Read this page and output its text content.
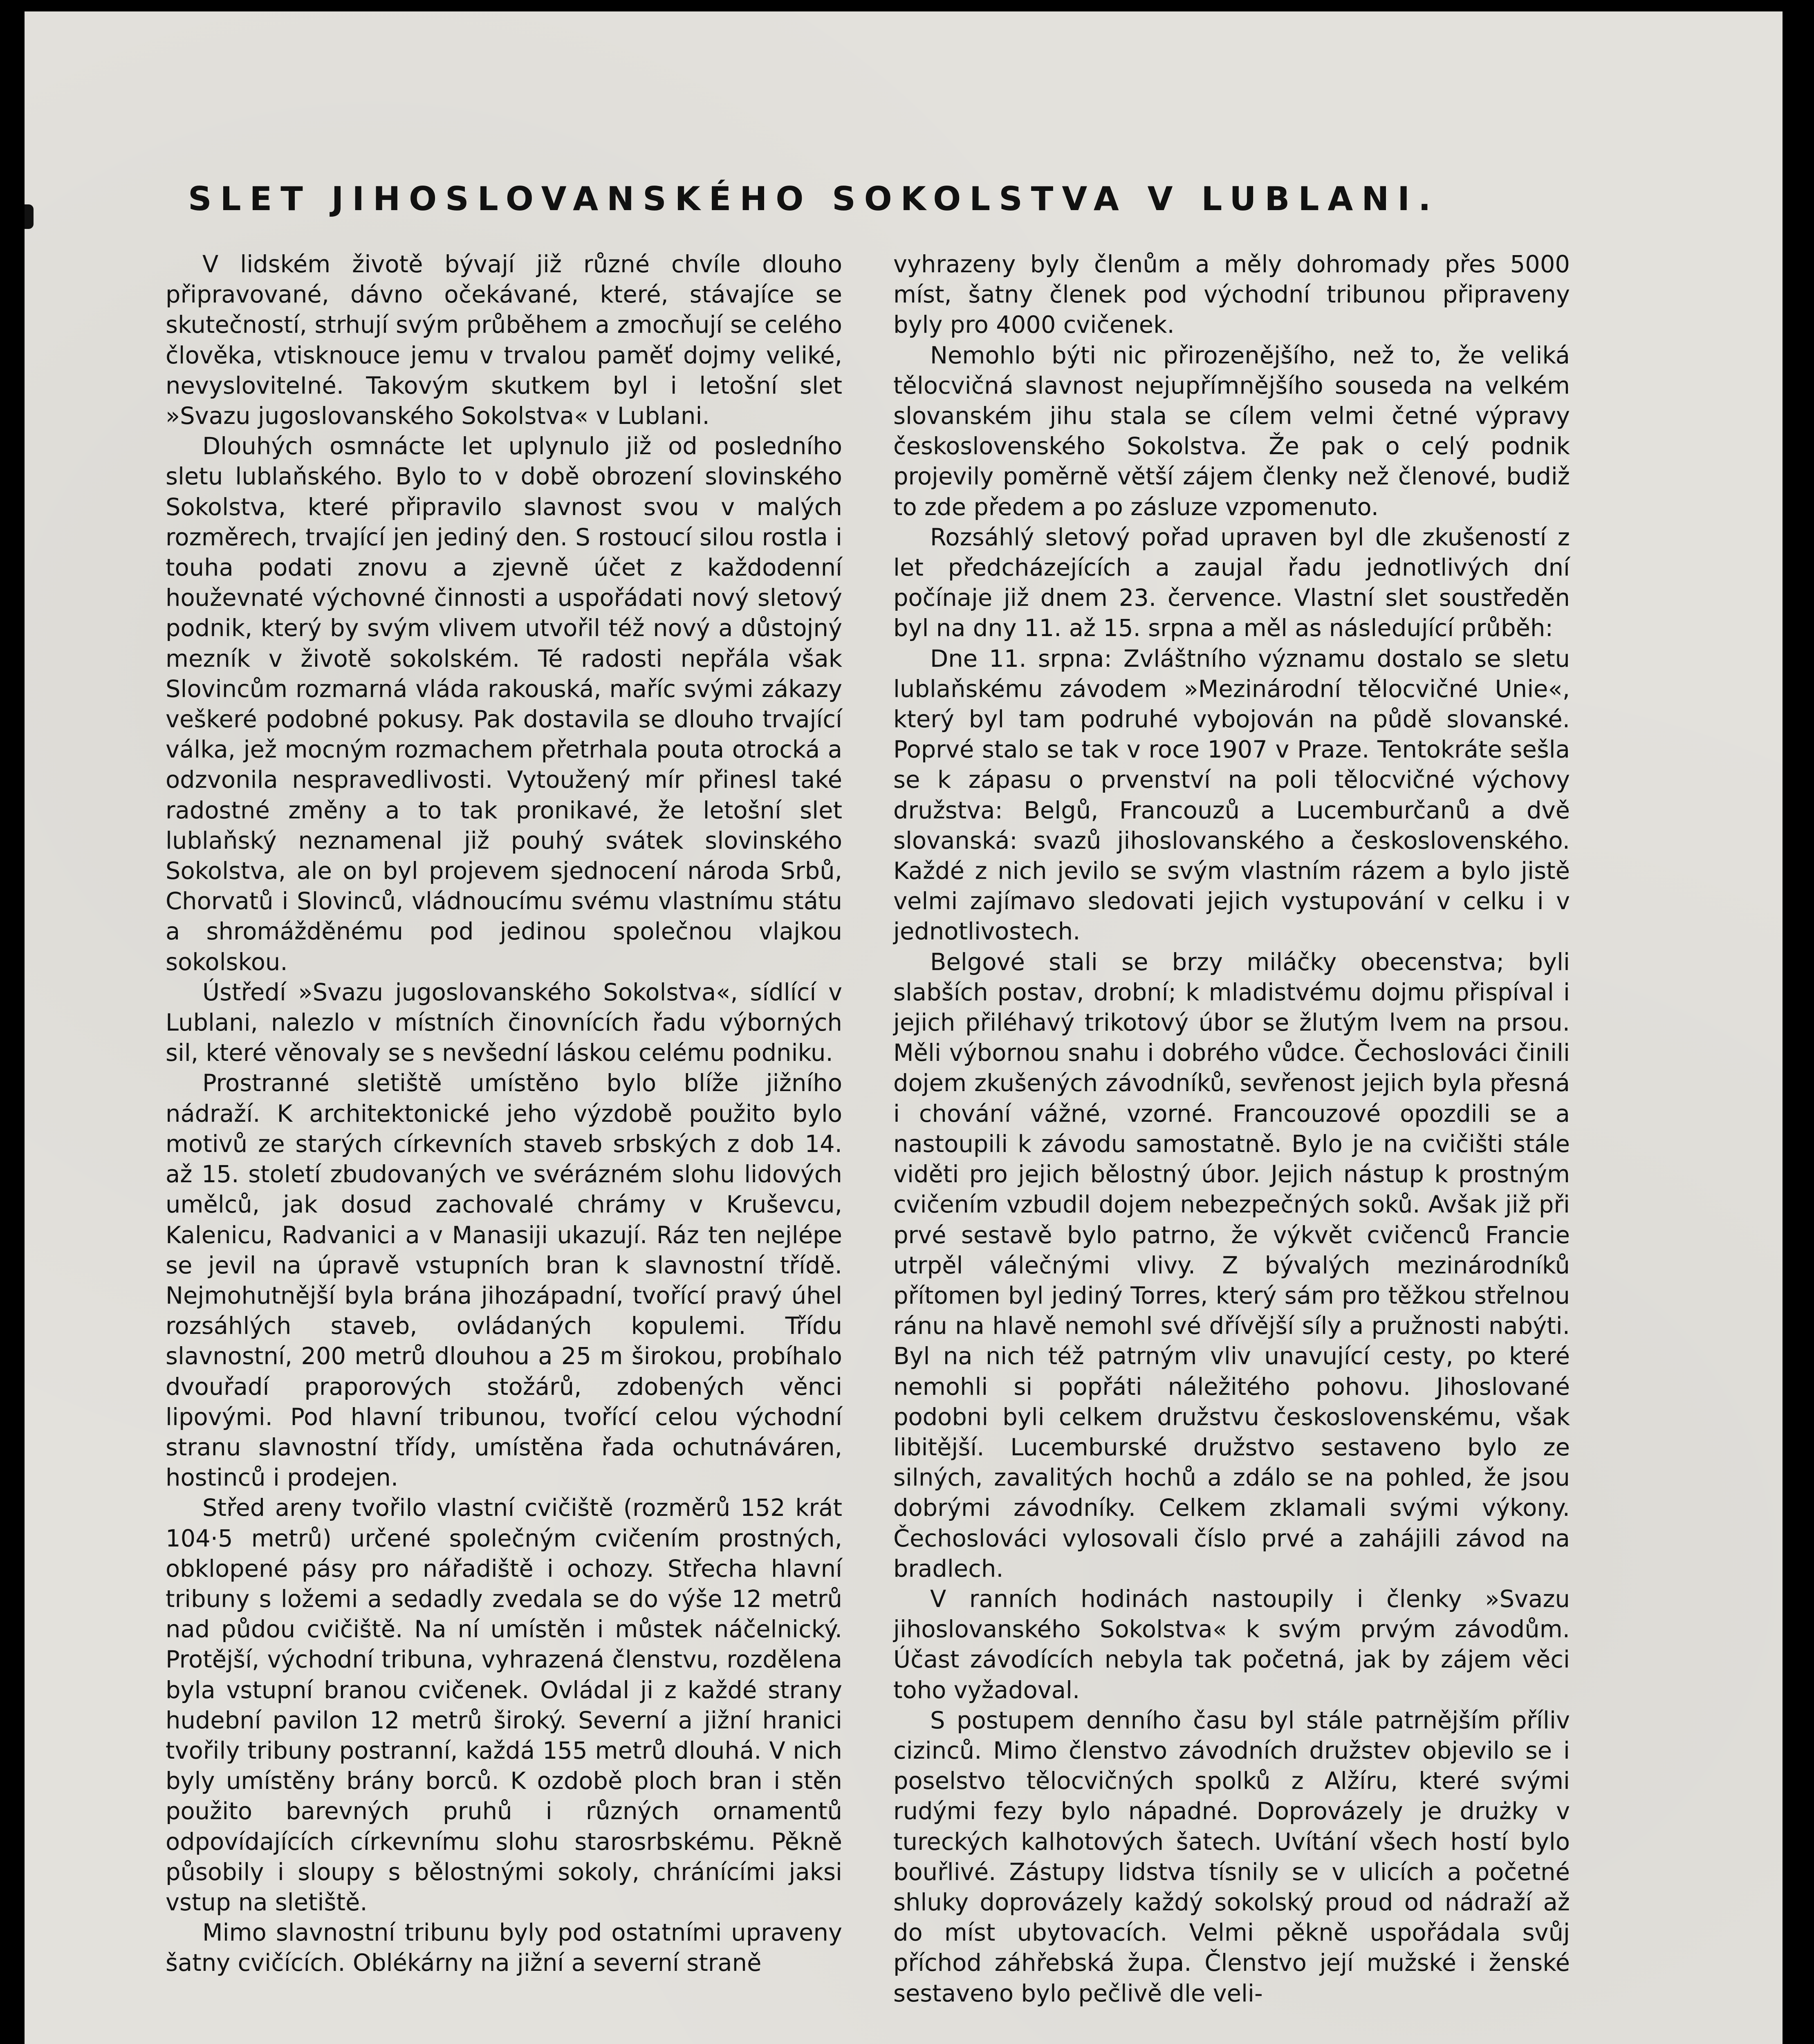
SLET JIHOSLOVANSKÉHO SOKOLSTVA V LUBLANI.

V lidském životě bývají již různé chvíle dlouho připravované, dávno očekávané, které, stávajíce se skutečností, strhují svým průběhem a zmocňují se celého člověka, vtisknouce jemu v trvalou paměť dojmy veliké, nevysloviteIné. Takovým skutkem byl i letošní slet »Svazu jugoslovanského Sokolstva« v Lublani.

Dlouhých osmnácte let uplynulo již od posledního sletu lublaňského. Bylo to v době obrození slovinského Sokolstva, které připravilo slavnost svou v malých rozměrech, trvající jen jediný den. S rostoucí silou rostla i touha podati znovu a zjevně účet z každodenní houževnaté výchovné činnosti a uspořádati nový sletový podnik, který by svým vlivem utvořil též nový a důstojný mezník v životě sokolském. Té radosti nepřála však Slovincům rozmarná vláda rakouská, maříc svými zákazy veškeré podobné pokusy. Pak dostavila se dlouho trvající válka, jež mocným rozmachem přetrhala pouta otrocká a odzvonila nespravedlivosti. Vytoužený mír přinesl také radostné změny a to tak pronikavé, že letošní slet lublaňský neznamenal již pouhý svátek slovinského Sokolstva, ale on byl projevem sjednocení národa Srbů, Chorvatů i Slovinců, vládnoucímu svému vlastnímu státu a shromážděnému pod jedinou společnou vlajkou sokolskou.

Ústředí »Svazu jugoslovanského Sokolstva«, sídlící v Lublani, nalezlo v místních činovnících řadu výborných sil, které věnovaly se s nevšední láskou celému podniku.

Prostranné sletiště umístěno bylo blíže jižního nádraží. K architektonické jeho výzdobě použito bylo motivů ze starých církevních staveb srbských z dob 14. až 15. století zbudovaných ve svérázném slohu lidových umělců, jak dosud zachovalé chrámy v Kruševcu, Kalenicu, Radvanici a v Manasiji ukazují. Ráz ten nejlépe se jevil na úpravě vstupních bran k slavnostní třídě. Nejmohutnější byla brána jihozápadní, tvořící pravý úhel rozsáhlých staveb, ovládaných kopulemi. Třídu slavnostní, 200 metrů dlouhou a 25 m širokou, probíhalo dvouřadí praporových stožárů, zdobených věnci lipovými. Pod hlavní tribunou, tvořící celou východní stranu slavnostní třídy, umístěna řada ochutnáváren, hostinců i prodejen.

Střed areny tvořilo vlastní cvičiště (rozměrů 152 krát 104·5 metrů) určené společným cvičením prostných, obklopené pásy pro nářadiště i ochozy. Střecha hlavní tribuny s ložemi a sedadly zvedala se do výše 12 metrů nad půdou cvičiště. Na ní umístěn i můstek náčelnický. Protější, východní tribuna, vyhrazená členstvu, rozdělena byla vstupní branou cvičenek. Ovládal ji z každé strany hudební pavilon 12 metrů široký. Severní a jižní hranici tvořily tribuny postranní, každá 155 metrů dlouhá. V nich byly umístěny brány borců. K ozdobě ploch bran i stěn použito barevných pruhů i různých ornamentů odpovídajících církevnímu slohu starosrbskému. Pěkně působily i sloupy s bělostnými sokoly, chránícími jaksi vstup na sletiště.

Mimo slavnostní tribunu byly pod ostatními upraveny šatny cvičících. Oblékárny na jižní a severní straně

vyhrazeny byly členům a měly dohromady přes 5000 míst, šatny členek pod východní tribunou připraveny byly pro 4000 cvičenek.

Nemohlo býti nic přirozenějšího, než to, že veliká tělocvičná slavnost nejupřímnějšího souseda na velkém slovanském jihu stala se cílem velmi četné výpravy československého Sokolstva. Že pak o celý podnik projevily poměrně větší zájem členky než členové, budiž to zde předem a po zásluze vzpomenuto.

Rozsáhlý sletový pořad upraven byl dle zkušeností z let předcházejících a zaujal řadu jednotlivých dní počínaje již dnem 23. července. Vlastní slet soustředěn byl na dny 11. až 15. srpna a měl as následující průběh:

Dne 11. srpna: Zvláštního významu dostalo se sletu lublaňskému závodem »Mezinárodní tělocvičné Unie«, který byl tam podruhé vybojován na půdě slovanské. Poprvé stalo se tak v roce 1907 v Praze. Tentokráte sešla se k zápasu o prvenství na poli tělocvičné výchovy družstva: Belgů, Francouzů a Lucemburčanů a dvě slovanská: svazů jihoslovanského a československého. Každé z nich jevilo se svým vlastním rázem a bylo jistě velmi zajímavo sledovati jejich vystupování v celku i v jednotlivostech.

Belgové stali se brzy miláčky obecenstva; byli slabších postav, drobní; k mladistvému dojmu přispíval i jejich přiléhavý trikotový úbor se žlutým lvem na prsou. Měli výbornou snahu i dobrého vůdce. Čechoslováci činili dojem zkušených závodníků, sevřenost jejich byla přesná i chování vážné, vzorné. Francouzové opozdili se a nastoupili k závodu samostatně. Bylo je na cvičišti stále viděti pro jejich bělostný úbor. Jejich nástup k prostným cvičením vzbudil dojem nebezpečných soků. Avšak již při prvé sestavě bylo patrno, že výkvět cvičenců Francie utrpěl válečnými vlivy. Z bývalých mezinárodníků přítomen byl jediný Torres, který sám pro těžkou střelnou ránu na hlavě nemohl své dřívější síly a pružnosti nabýti. Byl na nich též patrným vliv unavující cesty, po které nemohli si popřáti náležitého pohovu. Jihoslované podobni byli celkem družstvu československému, však libitější. Lucemburské družstvo sestaveno bylo ze silných, zavalitých hochů a zdálo se na pohled, že jsou dobrými závodníky. Celkem zklamali svými výkony. Čechoslováci vylosovali číslo prvé a zahájili závod na bradlech.

V ranních hodinách nastoupily i členky »Svazu jihoslovanského Sokolstva« k svým prvým závodům. Účast závodících nebyla tak početná, jak by zájem věci toho vyžadoval.

S postupem denního času byl stále patrnějším příliv cizinců. Mimo členstvo závodních družstev objevilo se i poselstvo tělocvičných spolků z Alžíru, které svými rudými fezy bylo nápadné. Doprovázely je drużky v tureckých kalhotových šatech. Uvítání všech hostí bylo bouřlivé. Zástupy lidstva tísnily se v ulicích a početné shluky doprovázely každý sokolský proud od nádraží až do míst ubytovacích. Velmi pěkně uspořádala svůj příchod záhřebská župa. Členstvo její mužské i ženské sestaveno bylo pečlivě dle veli-
